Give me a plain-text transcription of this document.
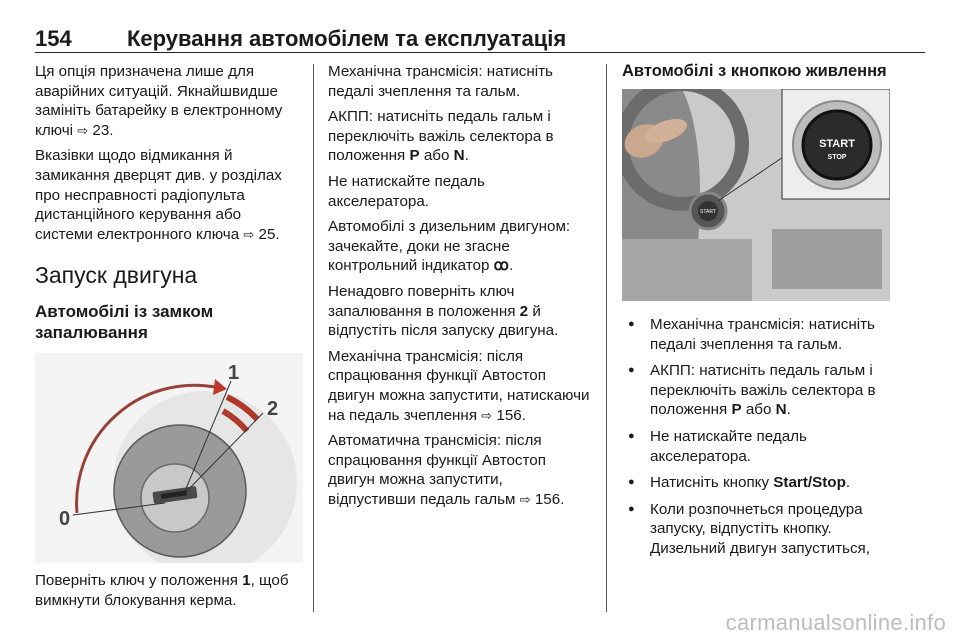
154	Керування автомобілем та експлуатація

Ця опція призначена лише для аварійних ситуацій. Якнайшвидше замініть батарейку в електронному ключі ⇨ 23.

Вказівки щодо відмикання й замикання дверцят див. у розділах про несправності радіопульта дистанційного керування або системи електронного ключа ⇨ 25.

Запуск двигуна
Автомобілі із замком запалювання
1
2
0

Поверніть ключ у положення 1, щоб вимкнути блокування керма.

Механічна трансмісія: натисніть педалі зчеплення та гальм.

АКПП: натисніть педаль гальм і переключіть важіль селектора в положення P або N.

Не натискайте педаль акселератора.

Автомобілі з дизельним двигуном: зачекайте, доки не згасне контрольний індикатор ꝏ.

Ненадовго поверніть ключ запалювання в положення 2 й відпустіть після запуску двигуна.

Механічна трансмісія: після спрацювання функції Автостоп двигун можна запустити, натискаючи на педаль зчеплення ⇨ 156.

Автоматична трансмісія: після спрацювання функції Автостоп двигун можна запустити, відпустивши педаль гальм ⇨ 156.

Автомобілі з кнопкою живлення
START
START
STOP
● Механічна трансмісія: натисніть педалі зчеплення та гальм.
● АКПП: натисніть педаль гальм і переключіть важіль селектора в положення P або N.
● Не натискайте педаль акселератора.
● Натисніть кнопку Start/Stop.
● Коли розпочнеться процедура запуску, відпустіть кнопку. Дизельний двигун запуститься,
carmanualsonline.info
